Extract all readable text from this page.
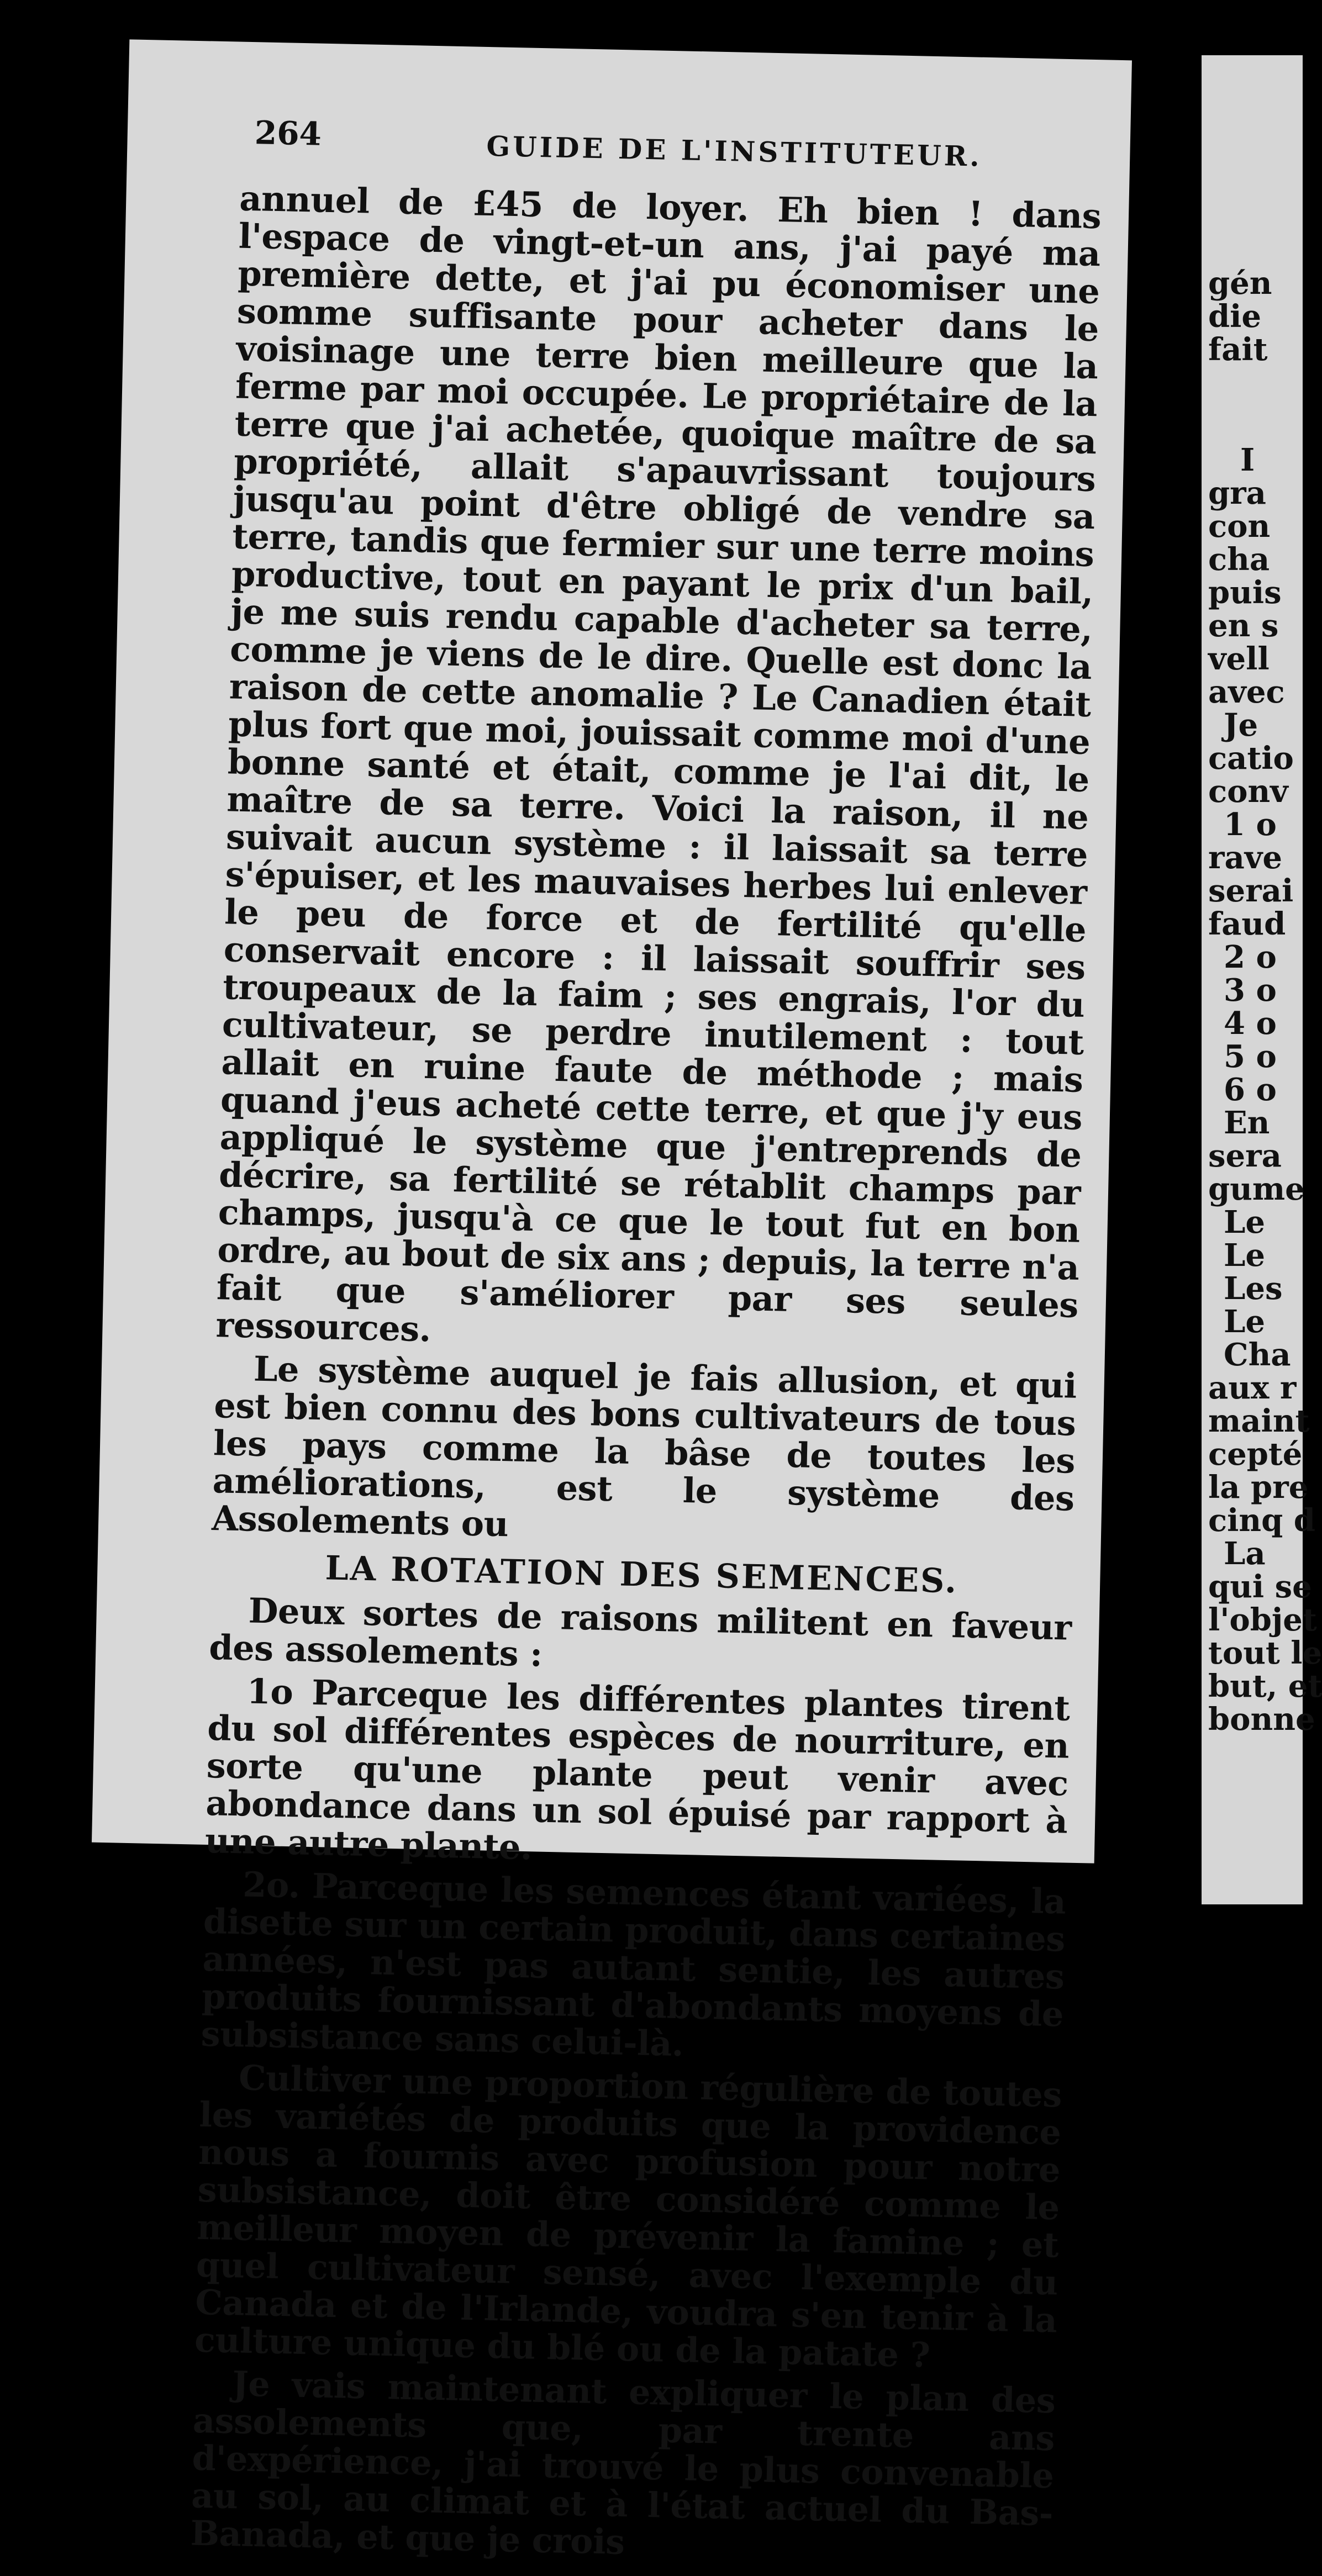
264	GUIDE DE L'INSTITUTEUR.

annuel de £45 de loyer. Eh bien ! dans l'espace de vingt-et-un ans, j'ai payé ma première dette, et j'ai pu économiser une somme suffisante pour acheter dans le voisinage une terre bien meilleure que la ferme par moi occupée. Le propriétaire de la terre que j'ai achetée, quoique maître de sa propriété, allait s'apauvrissant toujours jusqu'au point d'être obligé de vendre sa terre, tandis que fermier sur une terre moins productive, tout en payant le prix d'un bail, je me suis rendu capable d'acheter sa terre, comme je viens de le dire. Quelle est donc la raison de cette anomalie ? Le Canadien était plus fort que moi, jouissait comme moi d'une bonne santé et était, comme je l'ai dit, le maître de sa terre. Voici la raison, il ne suivait aucun système : il laissait sa terre s'épuiser, et les mauvaises herbes lui enlever le peu de force et de fertilité qu'elle conservait encore : il laissait souffrir ses troupeaux de la faim ; ses engrais, l'or du cultivateur, se perdre inutilement : tout allait en ruine faute de méthode ; mais quand j'eus acheté cette terre, et que j'y eus appliqué le système que j'entreprends de décrire, sa fertilité se rétablit champs par champs, jusqu'à ce que le tout fut en bon ordre, au bout de six ans ; depuis, la terre n'a fait que s'améliorer par ses seules ressources.

Le système auquel je fais allusion, et qui est bien connu des bons cultivateurs de tous les pays comme la bâse de toutes les améliorations, est le système des Assolements ou

LA ROTATION DES SEMENCES.

Deux sortes de raisons militent en faveur des assolements :

1o Parceque les différentes plantes tirent du sol différentes espèces de nourriture, en sorte qu'une plante peut venir avec abondance dans un sol épuisé par rapport à une autre plante.

2o. Parceque les semences étant variées, la disette sur un certain produit, dans certaines années, n'est pas autant sentie, les autres produits fournissant d'abondants moyens de subsistance sans celui-là.

Cultiver une proportion régulière de toutes les variétés de produits que la providence nous a fournis avec profusion pour notre subsistance, doit être considéré comme le meilleur moyen de prévenir la famine ; et quel cultivateur sensé, avec l'exemple du Canada et de l'Irlande, voudra s'en tenir à la culture unique du blé ou de la patate ?

Je vais maintenant expliquer le plan des assolements que, par trente ans d'expérience, j'ai trouvé le plus convenable au sol, au climat et à l'état actuel du Bas-Banada, et que je crois

gén
die
fait
I
gra
con
cha
puis
en s
vell
avec
Je
catio
conv
1 o
rave
serai
faud
2 o
3 o
4 o
5 o
6 o
En
sera
gume
Le
Le
Les
Le
Cha
aux r
maint
cepté
la pre
cinq d
La
qui se
l'objet
tout le
but, et
bonne
